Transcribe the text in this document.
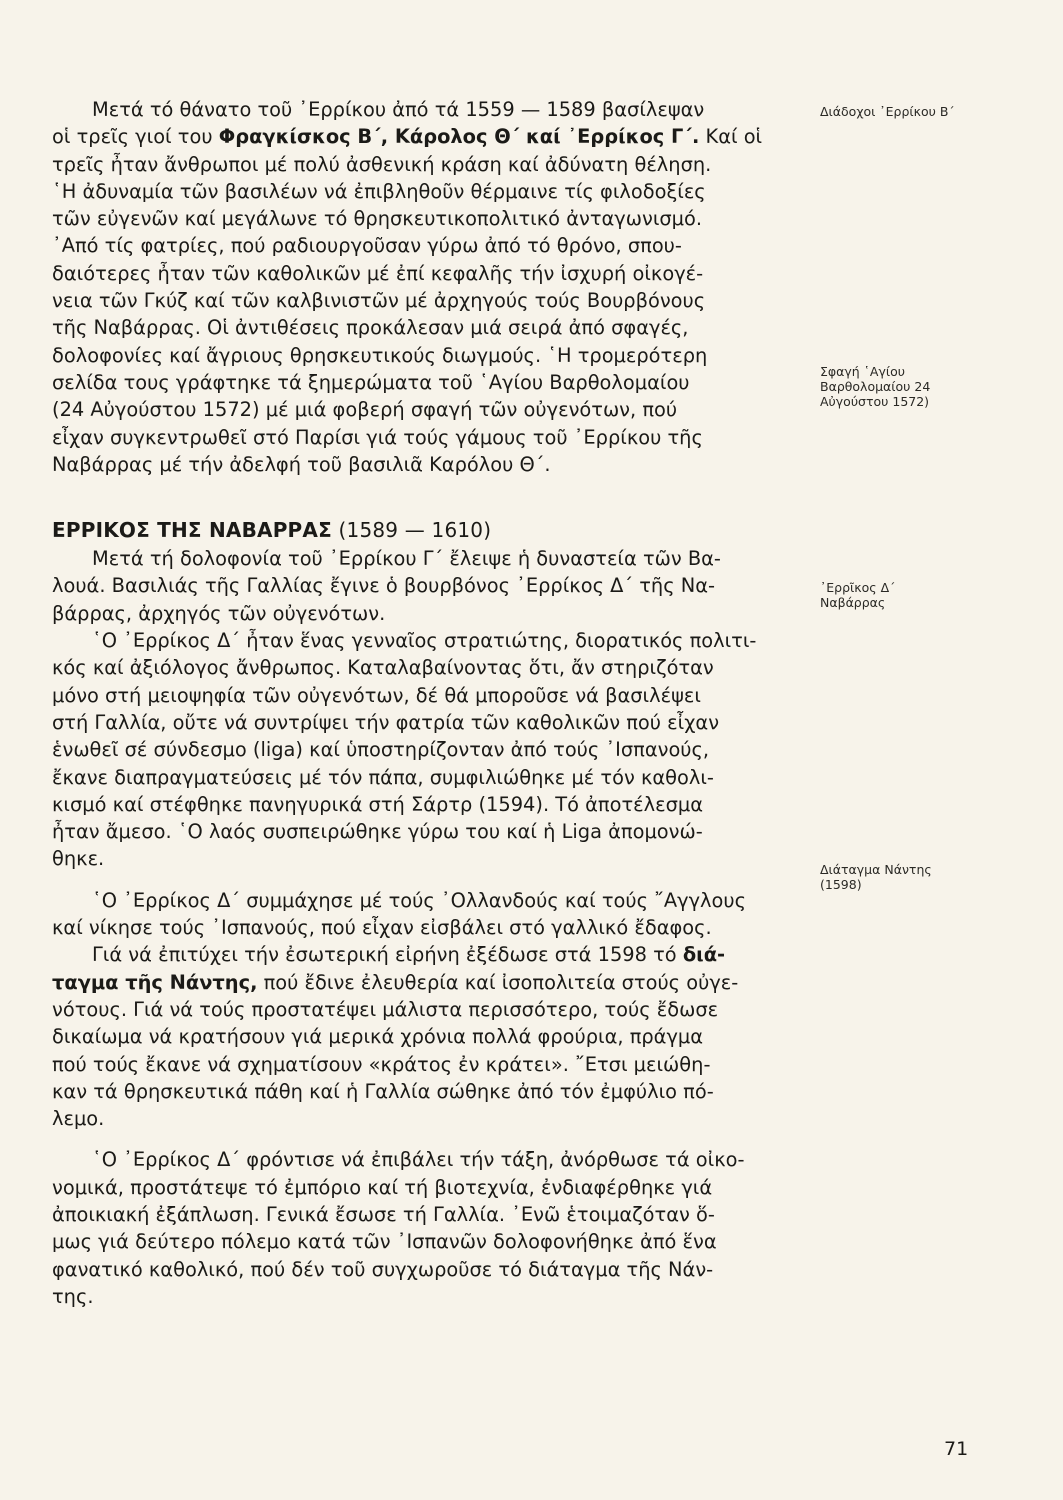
Διάδοχοι ᾿Ερρίκου Β΄
Σφαγή ῾Αγίου
Βαρθολομαίου 24
Αὐγούστου 1572)
᾿Ερρῖκος Δ΄
Ναβάρρας
Διάταγμα Νάντης
(1598)

Μετά τό θάνατο τοῦ ᾿Ερρίκου ἀπό τά 1559 — 1589 βασίλεψαν
οἱ τρεῖς γιοί του Φραγκίσκος Β΄, Κάρολος Θ΄ καί ᾿Ερρίκος Γ΄. Καί οἱ
τρεῖς ἦταν ἄνθρωποι μέ πολύ ἀσθενική κράση καί ἀδύνατη θέληση.
῾Η ἀδυναμία τῶν βασιλέων νά ἐπιβληθοῦν θέρμαινε τίς φιλοδοξίες
τῶν εὐγενῶν καί μεγάλωνε τό θρησκευτικοπολιτικό ἀνταγωνισμό.
᾿Από τίς φατρίες, πού ραδιουργοῦσαν γύρω ἀπό τό θρόνο, σπου-
δαιότερες ἦταν τῶν καθολικῶν μέ ἐπί κεφαλῆς τήν ἰσχυρή οἰκογέ-
νεια τῶν Γκύζ καί τῶν καλβινιστῶν μέ ἀρχηγούς τούς Βουρβόνους
τῆς Ναβάρρας. Οἱ ἀντιθέσεις προκάλεσαν μιά σειρά ἀπό σφαγές,
δολοφονίες καί ἄγριους θρησκευτικούς διωγμούς. ῾Η τρομερότερη
σελίδα τους γράφτηκε τά ξημερώματα τοῦ ῾Αγίου Βαρθολομαίου
(24 Αὐγούστου 1572) μέ μιά φοβερή σφαγή τῶν οὐγενότων, πού
εἶχαν συγκεντρωθεῖ στό Παρίσι γιά τούς γάμους τοῦ ᾿Ερρίκου τῆς
Ναβάρρας μέ τήν ἀδελφή τοῦ βασιλιᾶ Καρόλου Θ΄.

ΕΡΡΙΚΟΣ ΤΗΣ ΝΑΒΑΡΡΑΣ (1589 — 1610)

Μετά τή δολοφονία τοῦ ᾿Ερρίκου Γ΄ ἔλειψε ἡ δυναστεία τῶν Βα-
λουά. Βασιλιάς τῆς Γαλλίας ἔγινε ὁ βουρβόνος ᾿Ερρίκος Δ΄ τῆς Να-
βάρρας, ἀρχηγός τῶν οὐγενότων.

῾Ο ᾿Ερρίκος Δ΄ ἦταν ἕνας γενναῖος στρατιώτης, διορατικός πολιτι-
κός καί ἀξιόλογος ἄνθρωπος. Καταλαβαίνοντας ὅτι, ἄν στηριζόταν
μόνο στή μειοψηφία τῶν οὐγενότων, δέ θά μποροῦσε νά βασιλέψει
στή Γαλλία, οὔτε νά συντρίψει τήν φατρία τῶν καθολικῶν πού εἶχαν
ἑνωθεῖ σέ σύνδεσμο (liga) καί ὑποστηρίζονταν ἀπό τούς ᾿Ισπανούς,
ἔκανε διαπραγματεύσεις μέ τόν πάπα, συμφιλιώθηκε μέ τόν καθολι-
κισμό καί στέφθηκε πανηγυρικά στή Σάρτρ (1594). Τό ἀποτέλεσμα
ἦταν ἄμεσο. ῾Ο λαός συσπειρώθηκε γύρω του καί ἡ Liga ἀπομονώ-
θηκε.

῾Ο ᾿Ερρίκος Δ΄ συμμάχησε μέ τούς ᾿Ολλανδούς καί τούς ῎Αγγλους
καί νίκησε τούς ᾿Ισπανούς, πού εἶχαν εἰσβάλει στό γαλλικό ἔδαφος.

Γιά νά ἐπιτύχει τήν ἐσωτερική εἰρήνη ἐξέδωσε στά 1598 τό διά-
ταγμα τῆς Νάντης, πού ἔδινε ἐλευθερία καί ἰσοπολιτεία στούς οὐγε-
νότους. Γιά νά τούς προστατέψει μάλιστα περισσότερο, τούς ἔδωσε
δικαίωμα νά κρατήσουν γιά μερικά χρόνια πολλά φρούρια, πράγμα
πού τούς ἔκανε νά σχηματίσουν «κράτος ἐν κράτει». ῎Ετσι μειώθη-
καν τά θρησκευτικά πάθη καί ἡ Γαλλία σώθηκε ἀπό τόν ἐμφύλιο πό-
λεμο.

῾Ο ᾿Ερρίκος Δ΄ φρόντισε νά ἐπιβάλει τήν τάξη, ἀνόρθωσε τά οἰκο-
νομικά, προστάτεψε τό ἐμπόριο καί τή βιοτεχνία, ἐνδιαφέρθηκε γιά
ἀποικιακή ἐξάπλωση. Γενικά ἔσωσε τή Γαλλία. ᾿Ενῶ ἑτοιμαζόταν ὅ-
μως γιά δεύτερο πόλεμο κατά τῶν ᾿Ισπανῶν δολοφονήθηκε ἀπό ἕνα
φανατικό καθολικό, πού δέν τοῦ συγχωροῦσε τό διάταγμα τῆς Νάν-
της.

71
